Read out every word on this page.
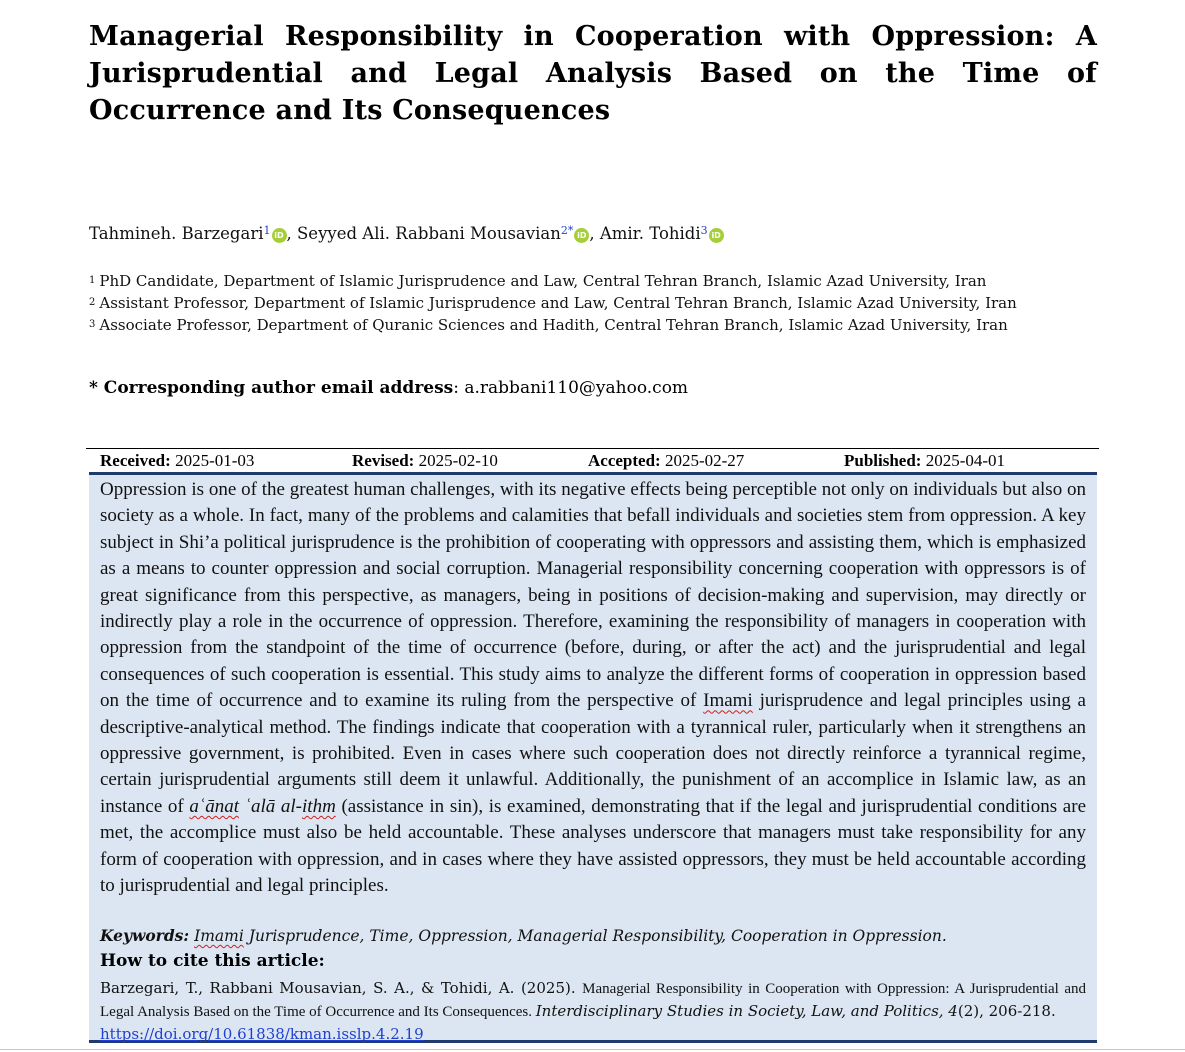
Managerial Responsibility in Cooperation with Oppression: A Jurisprudential and Legal Analysis Based on the Time of Occurrence and Its Consequences
Tahmineh. Barzegari$^1$ iD , Seyyed Ali. Rabbani Mousavian$^{2*}$ iD , Amir. Tohidi$^3$ iD
$^1$ PhD Candidate, Department of Islamic Jurisprudence and Law, Central Tehran Branch, Islamic Azad University, Iran
$^2$ Assistant Professor, Department of Islamic Jurisprudence and Law, Central Tehran Branch, Islamic Azad University, Iran
$^3$ Associate Professor, Department of Quranic Sciences and Hadith, Central Tehran Branch, Islamic Azad University, Iran
* Corresponding author email address: a.rabbani110@yahoo.com
Received: 2025-01-03	Revised: 2025-02-10	Accepted: 2025-02-27	Published: 2025-04-01

Oppression is one of the greatest human challenges, with its negative effects being perceptible not only on individuals but also on society as a whole. In fact, many of the problems and calamities that befall individuals and societies stem from oppression. A key subject in Shi’a political jurisprudence is the prohibition of cooperating with oppressors and assisting them, which is emphasized as a means to counter oppression and social corruption. Managerial responsibility concerning cooperation with oppressors is of great significance from this perspective, as managers, being in positions of decision-making and supervision, may directly or indirectly play a role in the occurrence of oppression. Therefore, examining the responsibility of managers in cooperation with oppression from the standpoint of the time of occurrence (before, during, or after the act) and the jurisprudential and legal consequences of such cooperation is essential. This study aims to analyze the different forms of cooperation in oppression based on the time of occurrence and to examine its ruling from the perspective of Imami jurisprudence and legal principles using a descriptive-analytical method. The findings indicate that cooperation with a tyrannical ruler, particularly when it strengthens an oppressive government, is prohibited. Even in cases where such cooperation does not directly reinforce a tyrannical regime, certain jurisprudential arguments still deem it unlawful. Additionally, the punishment of an accomplice in Islamic law, as an instance of aʿānat ʿalā al-ithm (assistance in sin), is examined, demonstrating that if the legal and jurisprudential conditions are met, the accomplice must also be held accountable. These analyses underscore that managers must take responsibility for any form of cooperation with oppression, and in cases where they have assisted oppressors, they must be held accountable according to jurisprudential and legal principles.

Keywords: Imami Jurisprudence, Time, Oppression, Managerial Responsibility, Cooperation in Oppression.
How to cite this article:

Barzegari, T., Rabbani Mousavian, S. A., & Tohidi, A. (2025). Managerial Responsibility in Cooperation with Oppression: A Jurisprudential and Legal Analysis Based on the Time of Occurrence and Its Consequences. Interdisciplinary Studies in Society, Law, and Politics, 4(2), 206-218.
https://doi.org/10.61838/kman.isslp.4.2.19
